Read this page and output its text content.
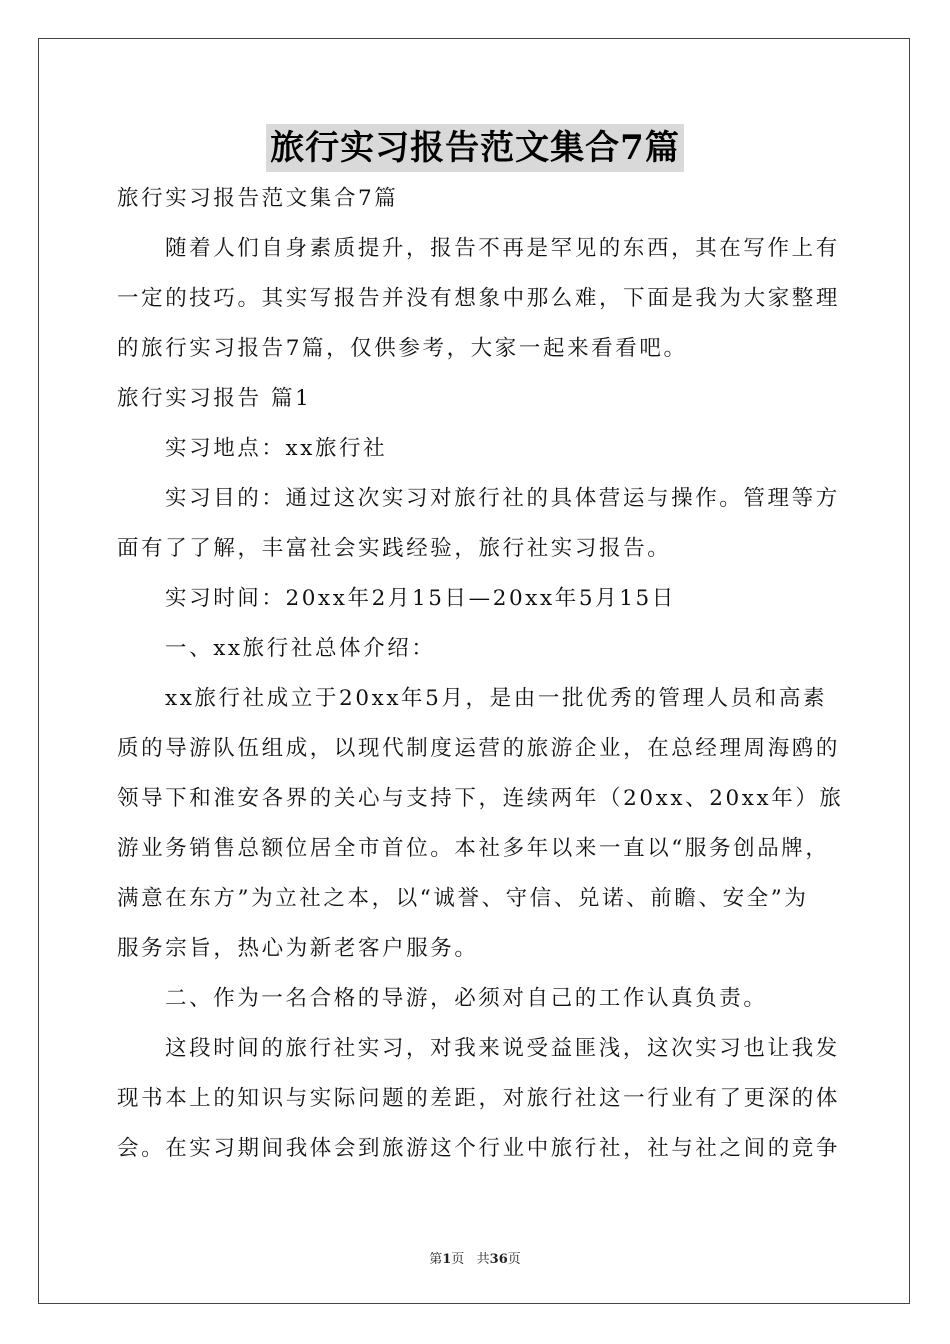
旅行实习报告范文集合7篇

旅行实习报告范文集合7篇

随着人们自身素质提升，报告不再是罕见的东西，其在写作上有

一定的技巧。其实写报告并没有想象中那么难，下面是我为大家整理

的旅行实习报告7篇，仅供参考，大家一起来看看吧。

旅行实习报告 篇1

实习地点：xx旅行社

实习目的：通过这次实习对旅行社的具体营运与操作。管理等方

面有了了解，丰富社会实践经验，旅行社实习报告。

实习时间：20xx年2月15日—20xx年5月15日

一、xx旅行社总体介绍：

xx旅行社成立于20xx年5月，是由一批优秀的管理人员和高素

质的导游队伍组成，以现代制度运营的旅游企业，在总经理周海鸥的

领导下和淮安各界的关心与支持下，连续两年（20xx、20xx年）旅

游业务销售总额位居全市首位。本社多年以来一直以“服务创品牌，

满意在东方”为立社之本，以“诚誉、守信、兑诺、前瞻、安全”为

服务宗旨，热心为新老客户服务。

二、作为一名合格的导游，必须对自己的工作认真负责。

这段时间的旅行社实习，对我来说受益匪浅，这次实习也让我发

现书本上的知识与实际问题的差距，对旅行社这一行业有了更深的体

会。在实习期间我体会到旅游这个行业中旅行社，社与社之间的竞争

第1页   共36页
